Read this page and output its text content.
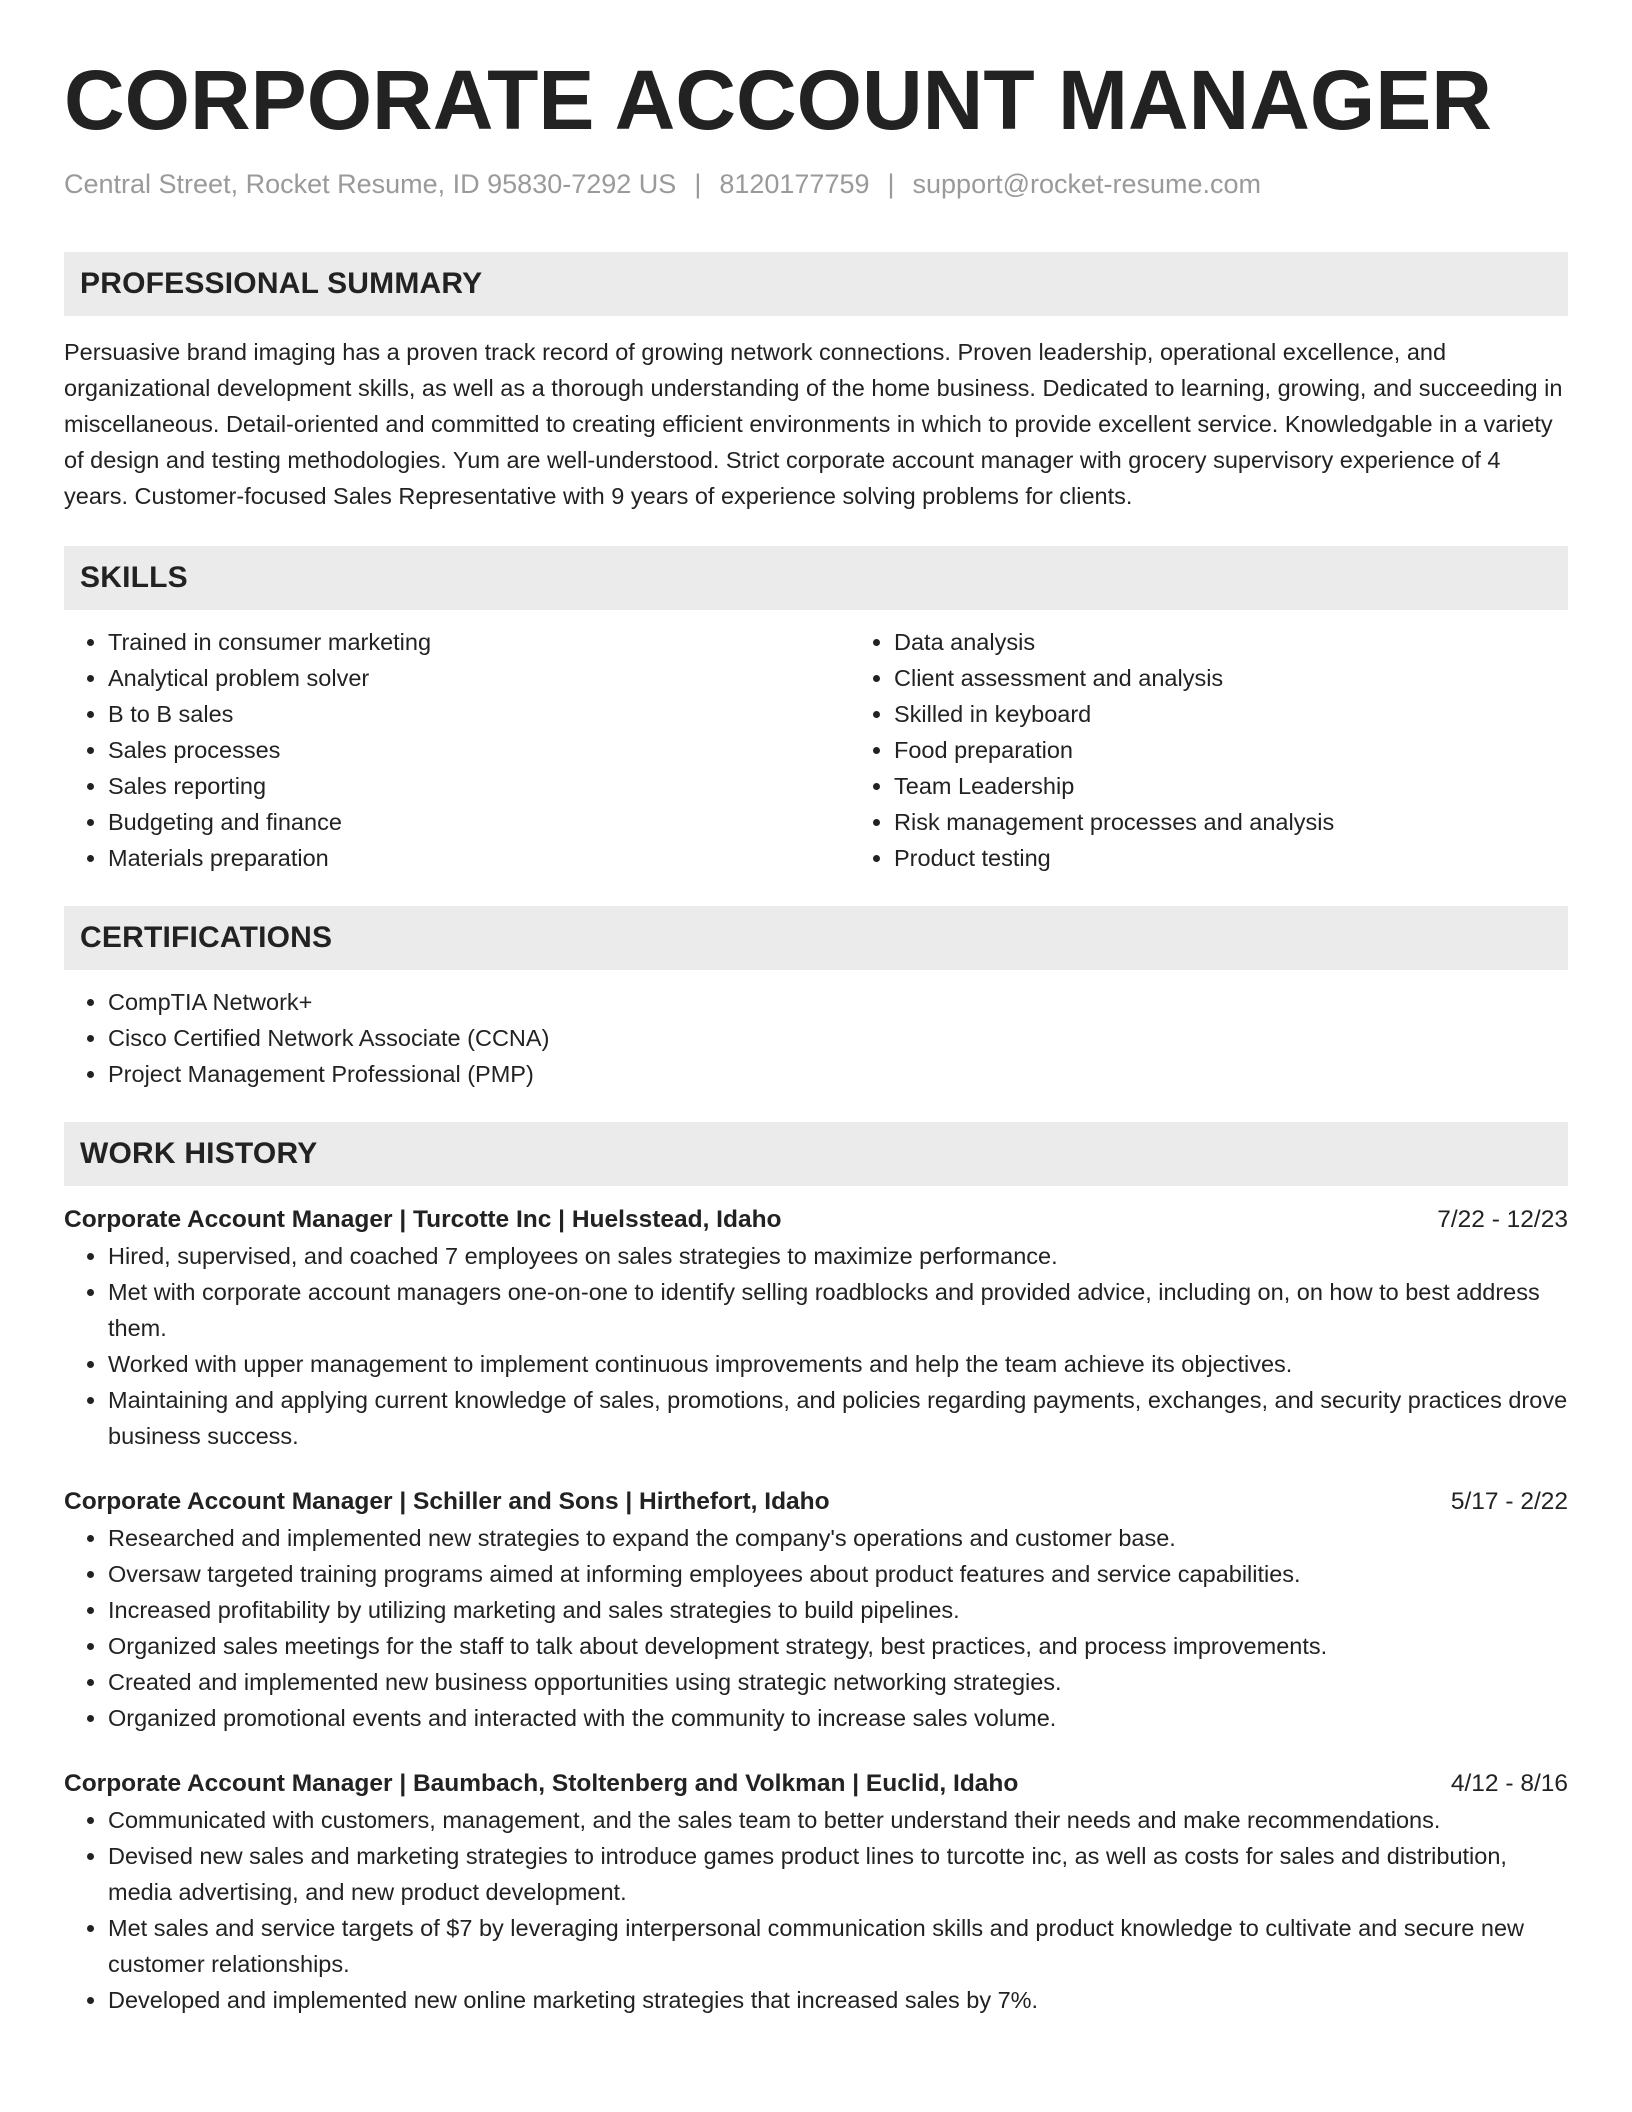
CORPORATE ACCOUNT MANAGER
Central Street, Rocket Resume, ID 95830-7292 US | 8120177759 | support@rocket-resume.com
PROFESSIONAL SUMMARY

Persuasive brand imaging has a proven track record of growing network connections. Proven leadership, operational excellence, and organizational development skills, as well as a thorough understanding of the home business. Dedicated to learning, growing, and succeeding in miscellaneous. Detail-oriented and committed to creating efficient environments in which to provide excellent service. Knowledgable in a variety of design and testing methodologies. Yum are well-understood. Strict corporate account manager with grocery supervisory experience of 4 years. Customer-focused Sales Representative with 9 years of experience solving problems for clients.

SKILLS
• Trained in consumer marketing
• Analytical problem solver
• B to B sales
• Sales processes
• Sales reporting
• Budgeting and finance
• Materials preparation
• Data analysis
• Client assessment and analysis
• Skilled in keyboard
• Food preparation
• Team Leadership
• Risk management processes and analysis
• Product testing
CERTIFICATIONS
• CompTIA Network+
• Cisco Certified Network Associate (CCNA)
• Project Management Professional (PMP)
WORK HISTORY
Corporate Account Manager | Turcotte Inc | Huelsstead, Idaho	7/22 - 12/23
• Hired, supervised, and coached 7 employees on sales strategies to maximize performance.
• Met with corporate account managers one-on-one to identify selling roadblocks and provided advice, including on, on how to best address them.
• Worked with upper management to implement continuous improvements and help the team achieve its objectives.
• Maintaining and applying current knowledge of sales, promotions, and policies regarding payments, exchanges, and security practices drove business success.
Corporate Account Manager | Schiller and Sons | Hirthefort, Idaho	5/17 - 2/22
• Researched and implemented new strategies to expand the company's operations and customer base.
• Oversaw targeted training programs aimed at informing employees about product features and service capabilities.
• Increased profitability by utilizing marketing and sales strategies to build pipelines.
• Organized sales meetings for the staff to talk about development strategy, best practices, and process improvements.
• Created and implemented new business opportunities using strategic networking strategies.
• Organized promotional events and interacted with the community to increase sales volume.
Corporate Account Manager | Baumbach, Stoltenberg and Volkman | Euclid, Idaho	4/12 - 8/16
• Communicated with customers, management, and the sales team to better understand their needs and make recommendations.
• Devised new sales and marketing strategies to introduce games product lines to turcotte inc, as well as costs for sales and distribution, media advertising, and new product development.
• Met sales and service targets of $7 by leveraging interpersonal communication skills and product knowledge to cultivate and secure new customer relationships.
• Developed and implemented new online marketing strategies that increased sales by 7%.
